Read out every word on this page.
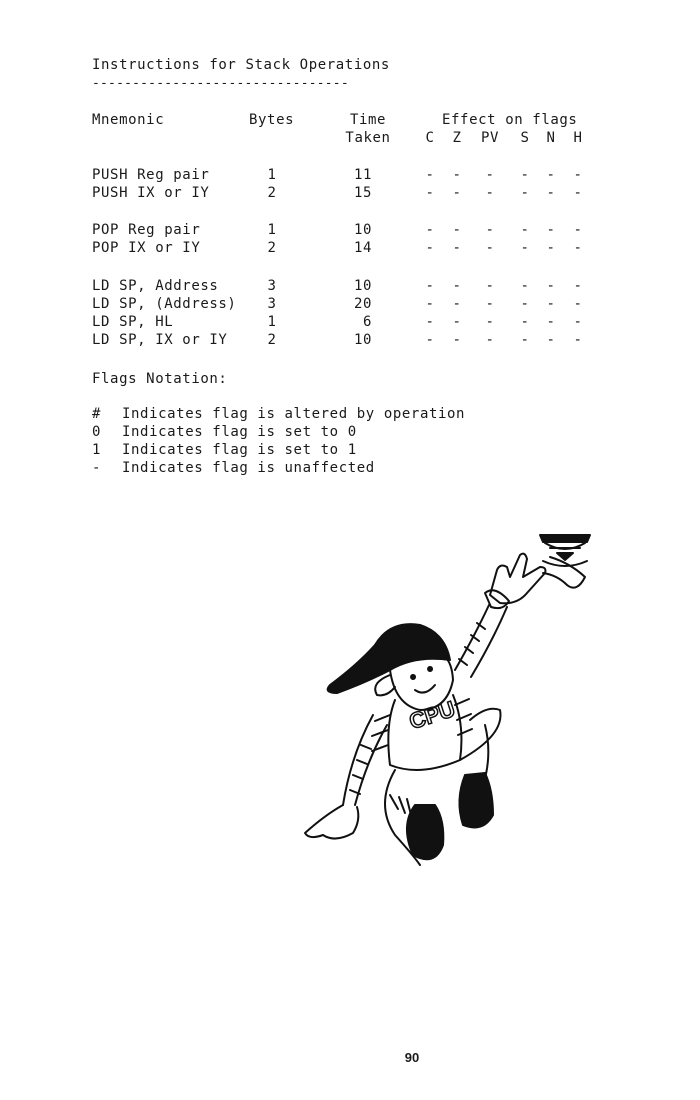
Instructions for Stack Operations
--------------------------------
Mnemonic	Bytes	Time
Taken
Effect on flags
C	Z	PV	S	N	H
PUSH Reg pair	1	11	-	-	-	-	-	-
PUSH IX or IY	2	15	-	-	-	-	-	-
POP Reg pair	1	10	-	-	-	-	-	-
POP IX or IY	2	14	-	-	-	-	-	-
LD SP, Address	3	10	-	-	-	-	-	-
LD SP, (Address)	3	20	-	-	-	-	-	-
LD SP, HL	1	6	-	-	-	-	-	-
LD SP, IX or IY	2	10	-	-	-	-	-	-
Flags Notation:
# Indicates flag is altered by operation
0 Indicates flag is set to 0
1 Indicates flag is set to 1
- Indicates flag is unaffected
CPU
90
